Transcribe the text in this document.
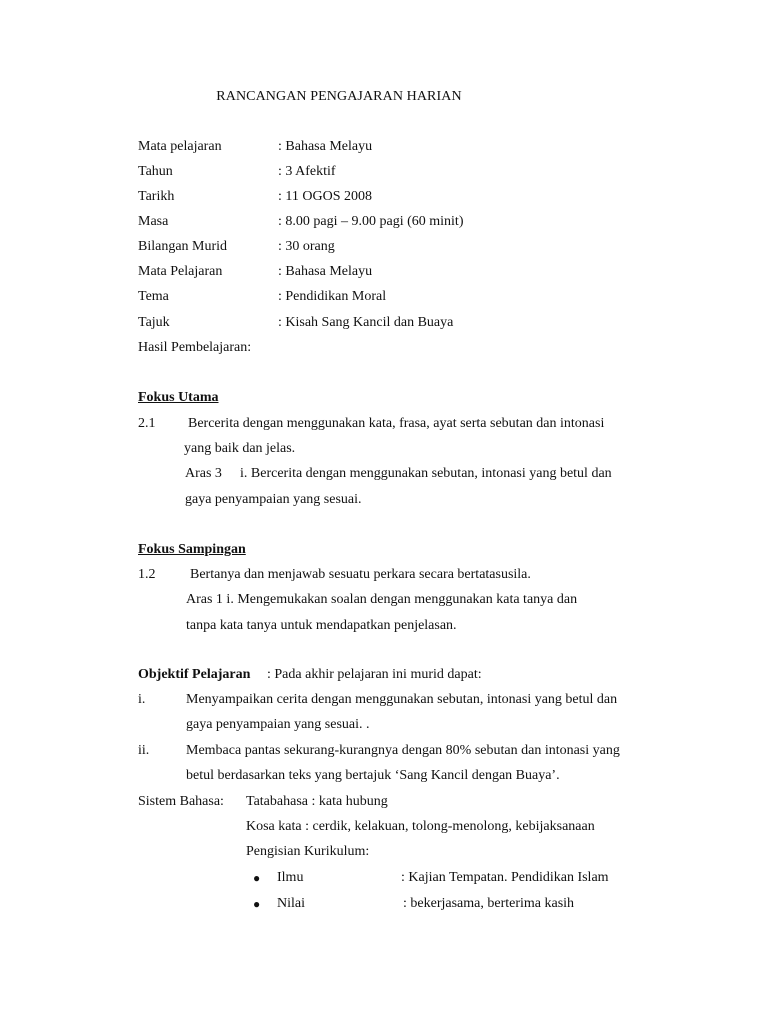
RANCANGAN PENGAJARAN HARIAN
Mata pelajaran	: Bahasa Melayu
Tahun	: 3 Afektif
Tarikh	: 11 OGOS 2008
Masa	: 8.00 pagi – 9.00 pagi (60 minit)
Bilangan Murid	: 30 orang
Mata Pelajaran	: Bahasa Melayu
Tema	: Pendidikan Moral
Tajuk	: Kisah Sang Kancil dan Buaya
Hasil Pembelajaran:
Fokus Utama
2.1 Bercerita dengan menggunakan kata, frasa, ayat serta sebutan dan intonasi
yang baik dan jelas.
Aras 3 i. Bercerita dengan menggunakan sebutan, intonasi yang betul dan
gaya penyampaian yang sesuai.
Fokus Sampingan
1.2 Bertanya dan menjawab sesuatu perkara secara bertatasusila.
Aras 1 i. Mengemukakan soalan dengan menggunakan kata tanya dan
tanpa kata tanya untuk mendapatkan penjelasan.
Objektif Pelajaran : Pada akhir pelajaran ini murid dapat:
i.	Menyampaikan cerita dengan menggunakan sebutan, intonasi yang betul dan
gaya penyampaian yang sesuai. .
ii.	Membaca pantas sekurang-kurangnya dengan 80% sebutan dan intonasi yang
betul berdasarkan teks yang bertajuk ‘Sang Kancil dengan Buaya’.
Sistem Bahasa: Tatabahasa : kata hubung
Kosa kata : cerdik, kelakuan, tolong-menolong, kebijaksanaan
Pengisian Kurikulum:
● Ilmu	: Kajian Tempatan. Pendidikan Islam
● Nilai	: bekerjasama, berterima kasih
